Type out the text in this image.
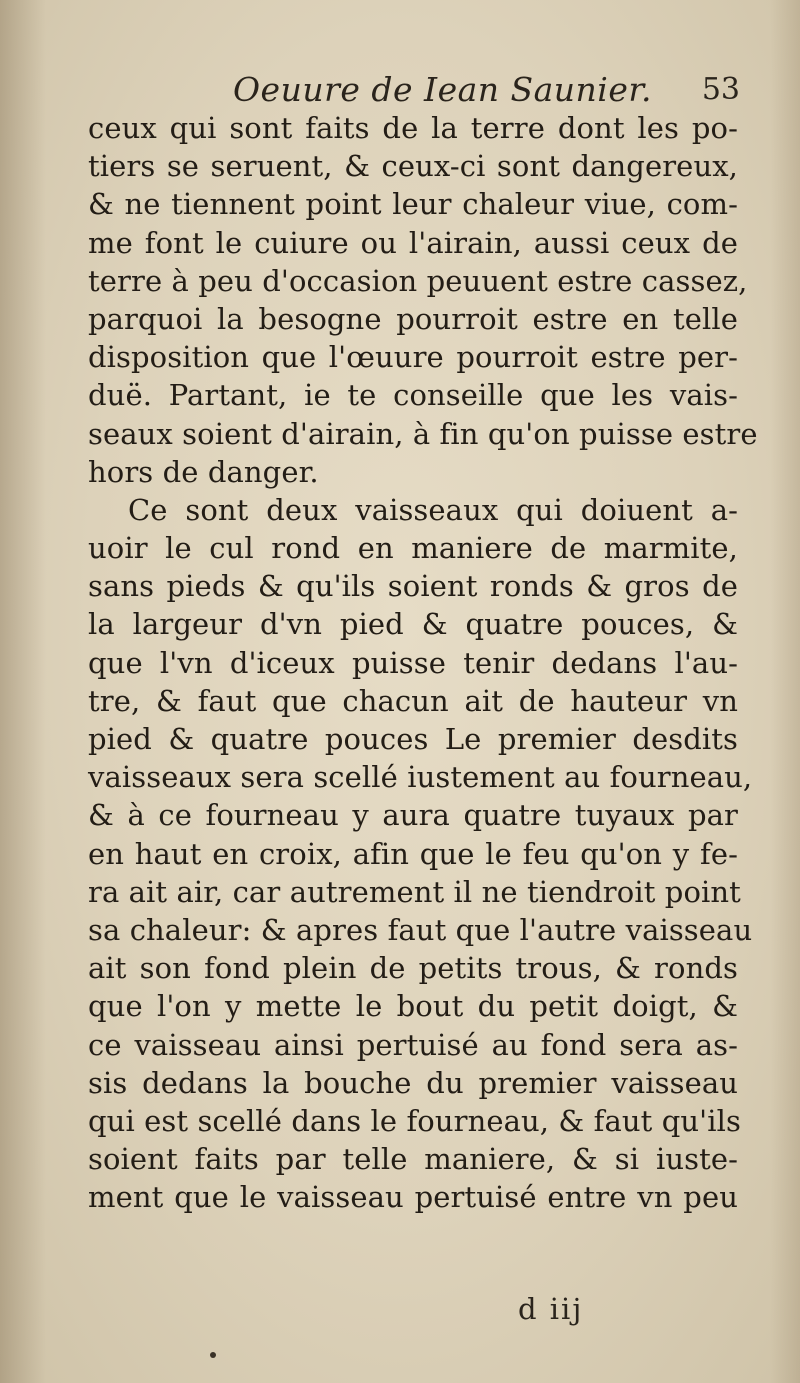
Oeuure de Iean Saunier. 53
ceux qui sont faits de la terre dont les po-
tiers se seruent, & ceux-ci sont dangereux,
& ne tiennent point leur chaleur viue, com-
me font le cuiure ou l'airain, aussi ceux de
terre à peu d'occasion peuuent estre cassez,
parquoi la besogne pourroit estre en telle
disposition que l'œuure pourroit estre per-
duë. Partant, ie te conseille que les vais-
seaux soient d'airain, à fin qu'on puisse estre
hors de danger.
Ce sont deux vaisseaux qui doiuent a-
uoir le cul rond en maniere de marmite,
sans pieds & qu'ils soient ronds & gros de
la largeur d'vn pied & quatre pouces, &
que l'vn d'iceux puisse tenir dedans l'au-
tre, & faut que chacun ait de hauteur vn
pied & quatre pouces Le premier desdits
vaisseaux sera scellé iustement au fourneau,
& à ce fourneau y aura quatre tuyaux par
en haut en croix, afin que le feu qu'on y fe-
ra ait air, car autrement il ne tiendroit point
sa chaleur: & apres faut que l'autre vaisseau
ait son fond plein de petits trous, & ronds
que l'on y mette le bout du petit doigt, &
ce vaisseau ainsi pertuisé au fond sera as-
sis dedans la bouche du premier vaisseau
qui est scellé dans le fourneau, & faut qu'ils
soient faits par telle maniere, & si iuste-
ment que le vaisseau pertuisé entre vn peu
d iij
